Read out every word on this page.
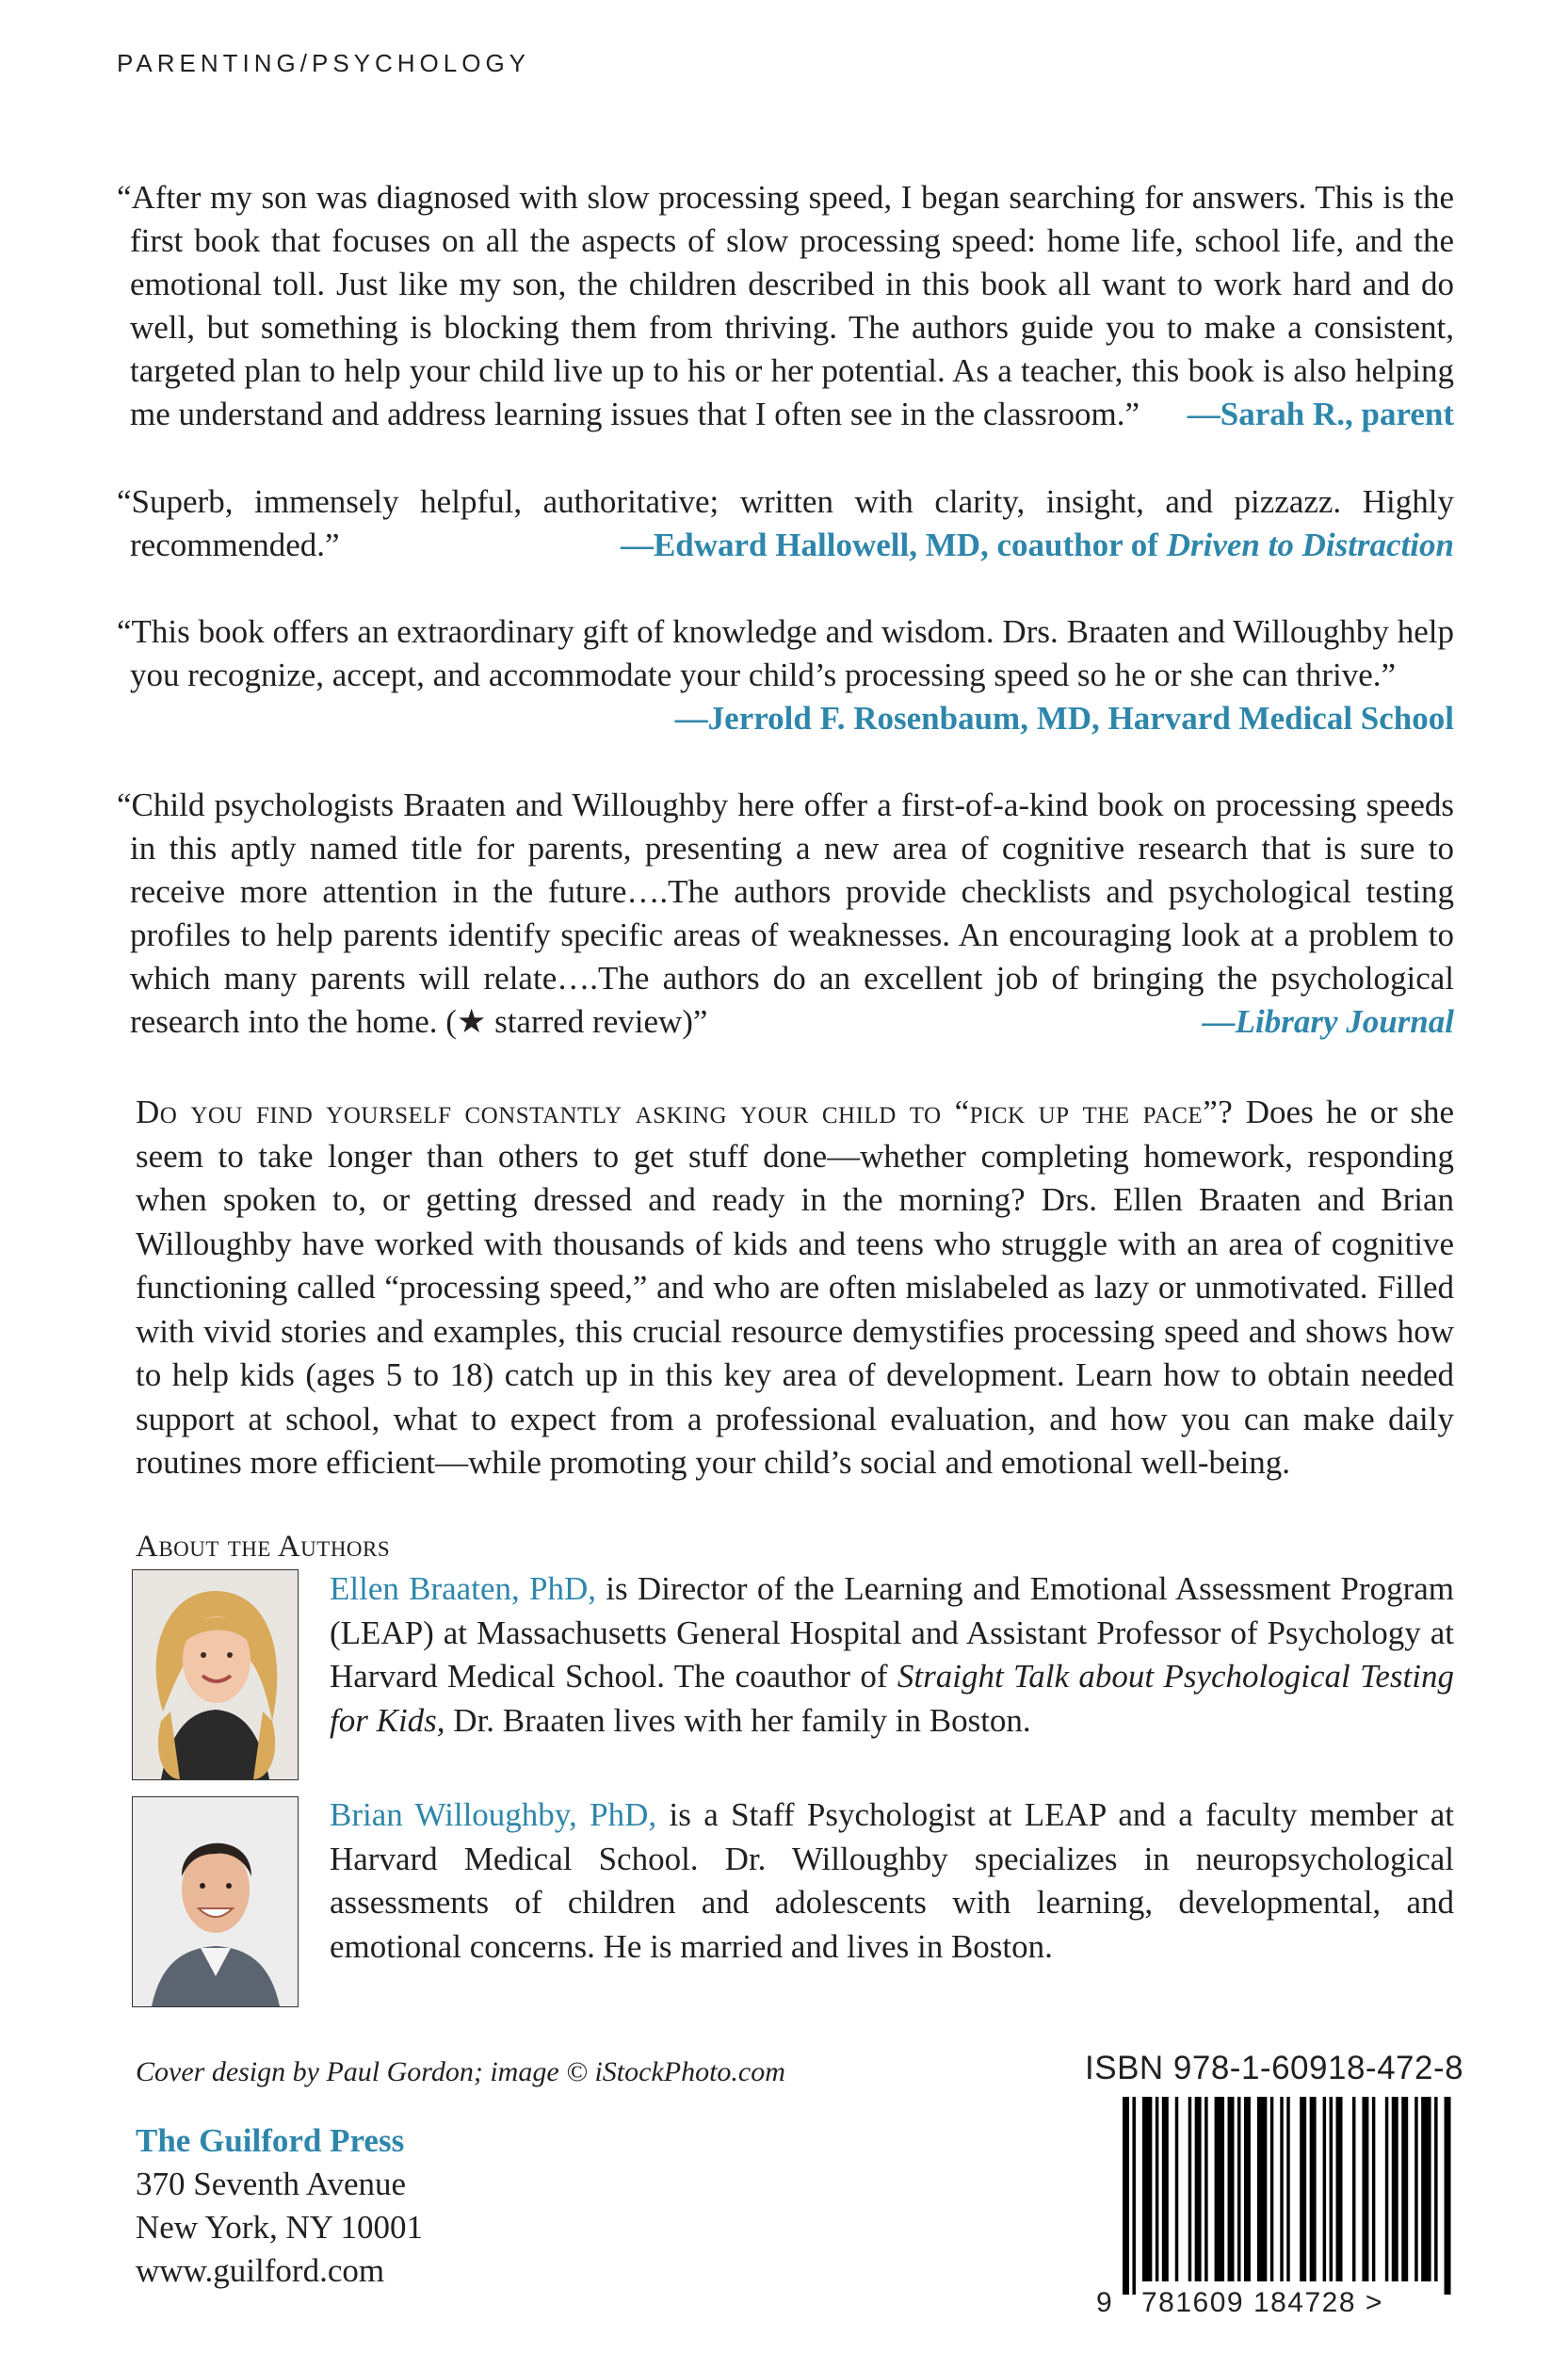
PARENTING/PSYCHOLOGY
“After my son was diagnosed with slow processing speed, I began searching for answers. This is the first book that focuses on all the aspects of slow processing speed: home life, school life, and the emotional toll. Just like my son, the children described in this book all want to work hard and do well, but something is blocking them from thriving. The authors guide you to make a consistent, targeted plan to help your child live up to his or her potential. As a teacher, this book is also helping me understand and address learning issues that I often see in the classroom.” —Sarah R., parent
“Superb, immensely helpful, authoritative; written with clarity, insight, and pizzazz. Highly recommended.”	—Edward Hallowell, MD, coauthor of Driven to Distraction
“This book offers an extraordinary gift of knowledge and wisdom. Drs. Braaten and Willoughby help you recognize, accept, and accommodate your child’s processing speed so he or she can thrive.”
—Jerrold F. Rosenbaum, MD, Harvard Medical School
“Child psychologists Braaten and Willoughby here offer a first-of-a-kind book on processing speeds in this aptly named title for parents, presenting a new area of cognitive research that is sure to receive more attention in the future….The authors provide checklists and psychological testing profiles to help parents identify specific areas of weaknesses. An encouraging look at a problem to which many parents will relate….The authors do an excellent job of bringing the psychological research into the home. (★ starred review)”	—Library Journal
Do you find yourself constantly asking your child to “pick up the pace”? Does he or she seem to take longer than others to get stuff done—whether completing homework, responding when spoken to, or getting dressed and ready in the morning? Drs. Ellen Braaten and Brian Willoughby have worked with thousands of kids and teens who struggle with an area of cognitive functioning called “processing speed,” and who are often mislabeled as lazy or unmotivated. Filled with vivid stories and examples, this crucial resource demystifies processing speed and shows how to help kids (ages 5 to 18) catch up in this key area of development. Learn how to obtain needed support at school, what to expect from a professional evaluation, and how you can make daily routines more efficient—while promoting your child’s social and emotional well-being.
About the Authors
Ellen Braaten, PhD, is Director of the Learning and Emotional Assessment Program (LEAP) at Massachusetts General Hospital and Assistant Professor of Psychology at Harvard Medical School. The coauthor of Straight Talk about Psychological Testing for Kids, Dr. Braaten lives with her family in Boston.
Brian Willoughby, PhD, is a Staff Psychologist at LEAP and a faculty member at Harvard Medical School. Dr. Willoughby specializes in neuropsychological assessments of children and adolescents with learning, developmental, and emotional concerns. He is married and lives in Boston.
Cover design by Paul Gordon; image © iStockPhoto.com
The Guilford Press
370 Seventh Avenue
New York, NY 10001
www.guilford.com
ISBN 978-1-60918-472-8
9 781609 184728 >
